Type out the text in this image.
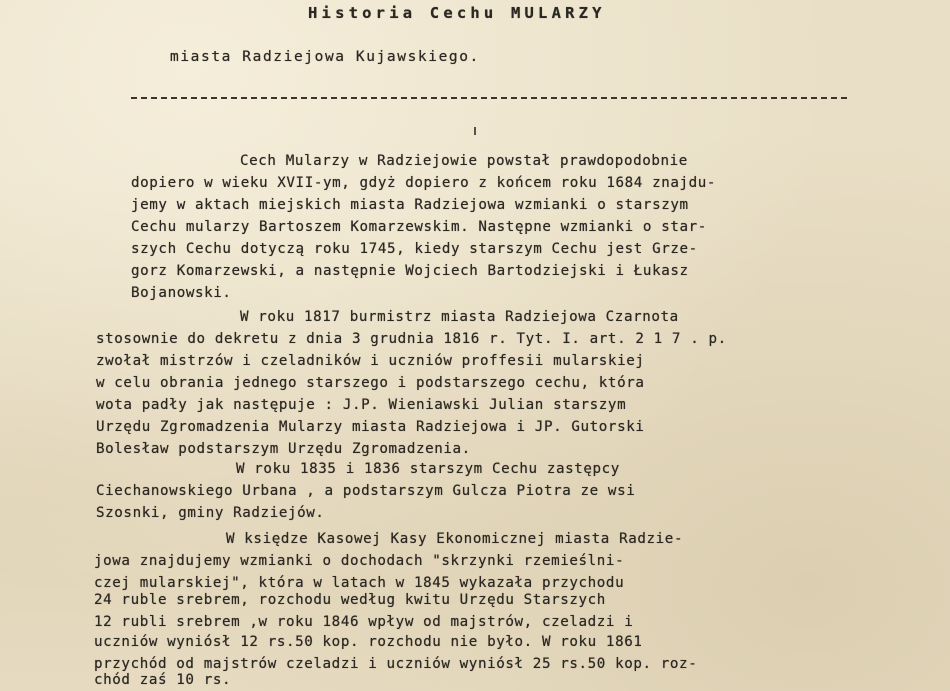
Historia Cechu MULARZY
miasta Radziejowa Kujawskiego.
Cech Mularzy w Radziejowie powstał prawdopodobnie
dopiero w wieku XVII-ym, gdyż dopiero z końcem roku 1684 znajdu-
jemy w aktach miejskich miasta Radziejowa wzmianki o starszym
Cechu mularzy Bartoszem Komarzewskim. Następne wzmianki o star-
szych Cechu dotyczą roku 1745, kiedy starszym Cechu jest Grze-
gorz Komarzewski, a następnie Wojciech Bartodziejski i Łukasz
Bojanowski.
W roku 1817 burmistrz miasta Radziejowa Czarnota
stosownie do dekretu z dnia 3 grudnia 1816 r. Tyt. I. art. 2 1 7 . p.
zwołał mistrzów i czeladników i uczniów proffesii mularskiej
w celu obrania jednego starszego i podstarszego cechu, która
wota padły jak następuje : J.P. Wieniawski Julian starszym
Urzędu Zgromadzenia Mularzy miasta Radziejowa i JP. Gutorski
Bolesław podstarszym Urzędu Zgromadzenia.
W roku 1835 i 1836 starszym Cechu zastępcy
Ciechanowskiego Urbana , a podstarszym Gulcza Piotra ze wsi
Szosnki, gminy Radziejów.
W księdze Kasowej Kasy Ekonomicznej miasta Radzie-
jowa znajdujemy wzmianki o dochodach "skrzynki rzemieślni-
czej mularskiej", która w latach w 1845 wykazała przychodu
24 ruble srebrem, rozchodu według kwitu Urzędu Starszych
12 rubli srebrem ,w roku 1846 wpływ od majstrów, czeladzi i
uczniów wyniósł 12 rs.50 kop. rozchodu nie było. W roku 1861
przychód od majstrów czeladzi i uczniów wyniósł 25 rs.50 kop. roz-
chód zaś 10 rs.
